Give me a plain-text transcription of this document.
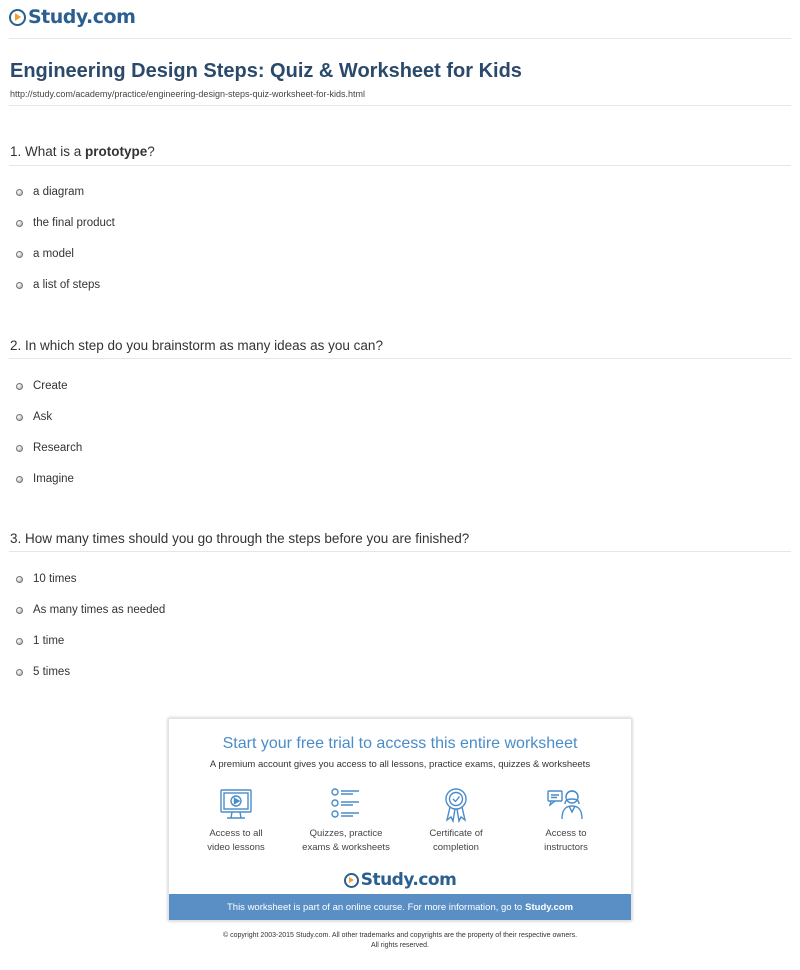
Study.com
Engineering Design Steps: Quiz & Worksheet for Kids
http://study.com/academy/practice/engineering-design-steps-quiz-worksheet-for-kids.html
1. What is a prototype?
a diagram
the final product
a model
a list of steps
2. In which step do you brainstorm as many ideas as you can?
Create
Ask
Research
Imagine
3. How many times should you go through the steps before you are finished?
10 times
As many times as needed
1 time
5 times
Start your free trial to access this entire worksheet
A premium account gives you access to all lessons, practice exams, quizzes & worksheets
Access to all
video lessons
Quizzes, practice
exams & worksheets
Certificate of
completion
Access to
instructors
Study.com
This worksheet is part of an online course. For more information, go to Study.com
© copyright 2003-2015 Study.com. All other trademarks and copyrights are the property of their respective owners.
All rights reserved.
